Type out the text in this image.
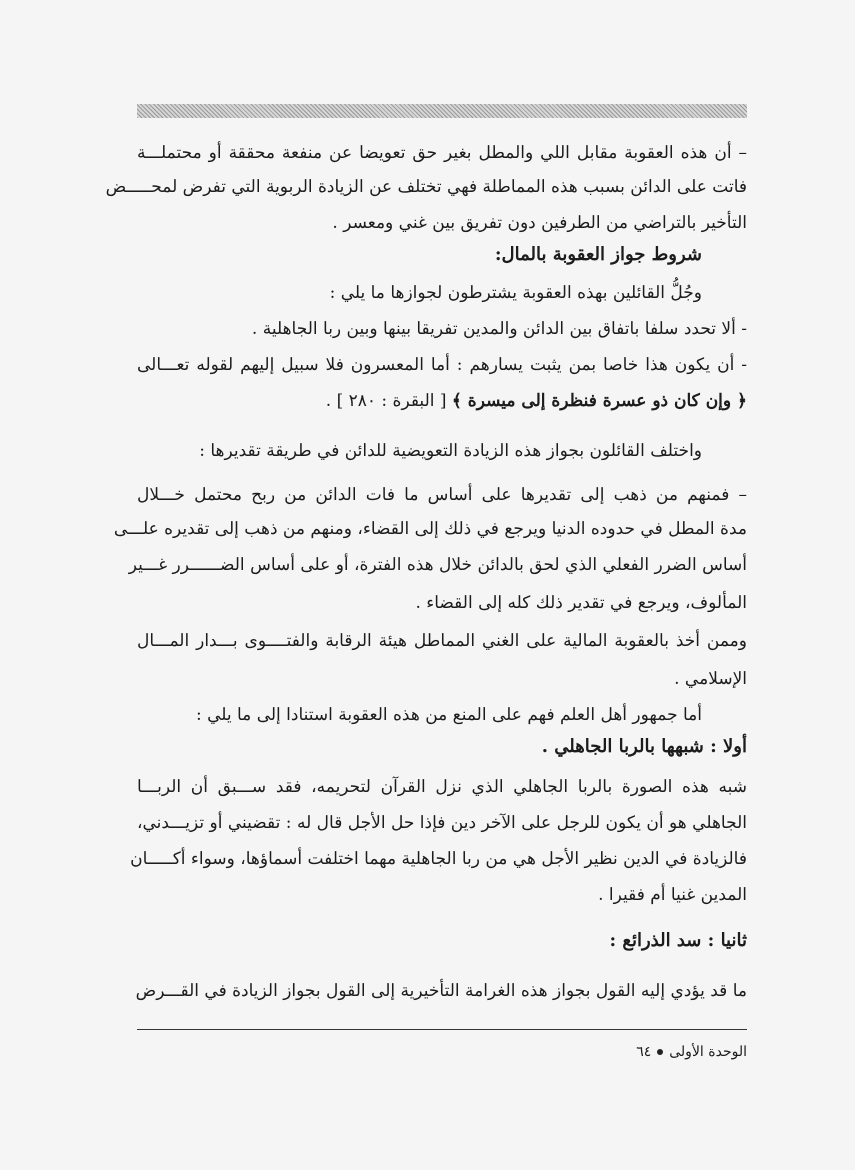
– أن هذه العقوبة مقابل اللي والمطل بغير حق تعويضا عن منفعة محققة أو محتملـــة
فاتت على الدائن بسبب هذه المماطلة فهي تختلف عن الزيادة الربوية التي تفرض لمحـــــض
التأخير بالتراضي من الطرفين دون تفريق بين غني ومعسر .
شروط جواز العقوبة بالمال:
وجُلُّ القائلين بهذه العقوبة يشترطون لجوازها ما يلي :
- ألا تحدد سلفا باتفاق بين الدائن والمدين تفريقا بينها وبين ربا الجاهلية .
- أن يكون هذا خاصا بمن يثبت يسارهم : أما المعسرون فلا سبيل إليهم لقوله تعـــالى
﴿ وإن كان ذو عسرة فنظرة إلى ميسرة ﴾ [ البقرة : ٢٨٠ ] .
واختلف القائلون بجواز هذه الزيادة التعويضية للدائن في طريقة تقديرها :
– فمنهم من ذهب إلى تقديرها على أساس ما فات الدائن من ربح محتمل خـــلال
مدة المطل في حدوده الدنيا ويرجع في ذلك إلى القضاء، ومنهم من ذهب إلى تقديره علـــى
أساس الضرر الفعلي الذي لحق بالدائن خلال هذه الفترة، أو على أساس الضــــــرر غـــير
المألوف، ويرجع في تقدير ذلك كله إلى القضاء .
وممن أخذ بالعقوبة المالية على الغني المماطل هيئة الرقابة والفتــــوى بـــدار المـــال
الإسلامي .
أما جمهور أهل العلم فهم على المنع من هذه العقوبة استنادا إلى ما يلي :
أولا : شبهها بالربا الجاهلي .
شبه هذه الصورة بالربا الجاهلي الذي نزل القرآن لتحريمه، فقد ســـبق أن الربـــا
الجاهلي هو أن يكون للرجل على الآخر دين فإذا حل الأجل قال له : تقضيني أو تزيـــدني،
فالزيادة في الدين نظير الأجل هي من ربا الجاهلية مهما اختلفت أسماؤها، وسواء أكـــــان
المدين غنيا أم فقيرا .
ثانيا : سد الذرائع :
ما قد يؤدي إليه القول بجواز هذه الغرامة التأخيرية إلى القول بجواز الزيادة في القـــرض
الوحدة الأولى٦٤
